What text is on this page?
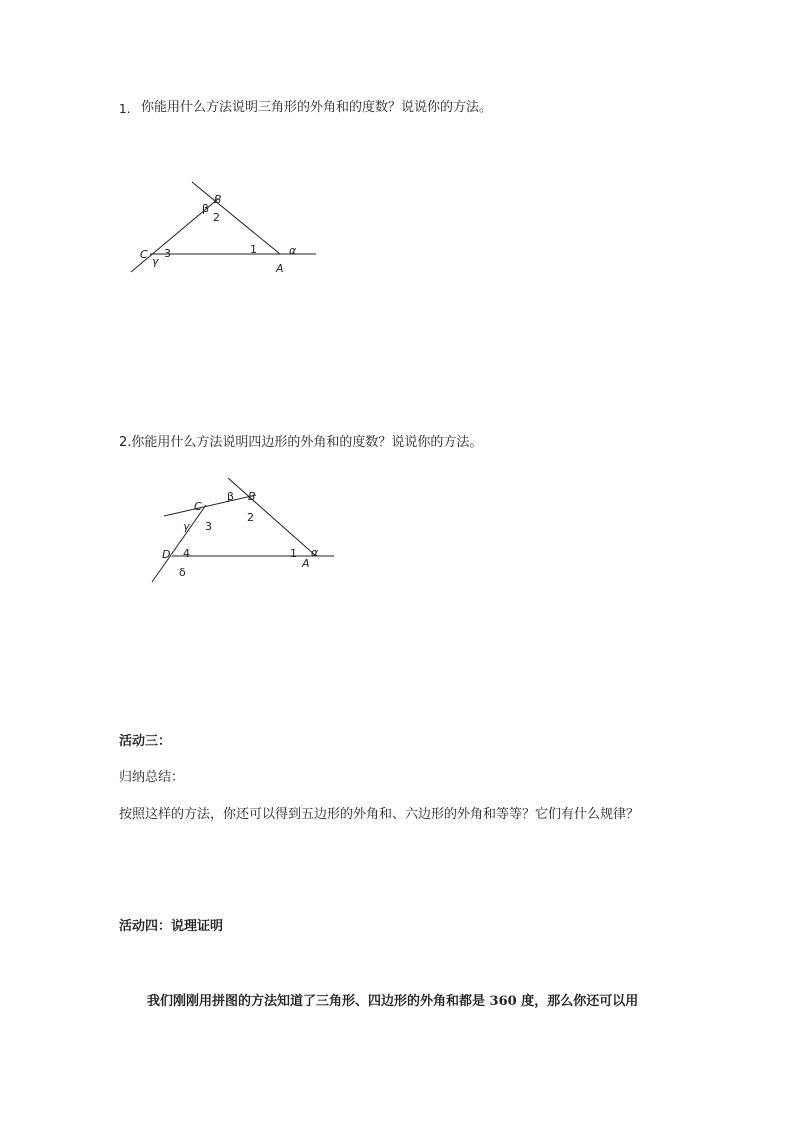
1. 你能用什么方法说明三角形的外角和的度数？说说你的方法。
B
C
A
β
2
3
γ
1	α
B
C
D
A
β
γ 3
2
4
δ
1 α
2.你能用什么方法说明四边形的外角和的度数？说说你的方法。
活动三：
归纳总结：
按照这样的方法，你还可以得到五边形的外角和、六边形的外角和等等？它们有什么规律？
活动四：说理证明
我们刚刚用拼图的方法知道了三角形、四边形的外角和都是 360 度，那么你还可以用
